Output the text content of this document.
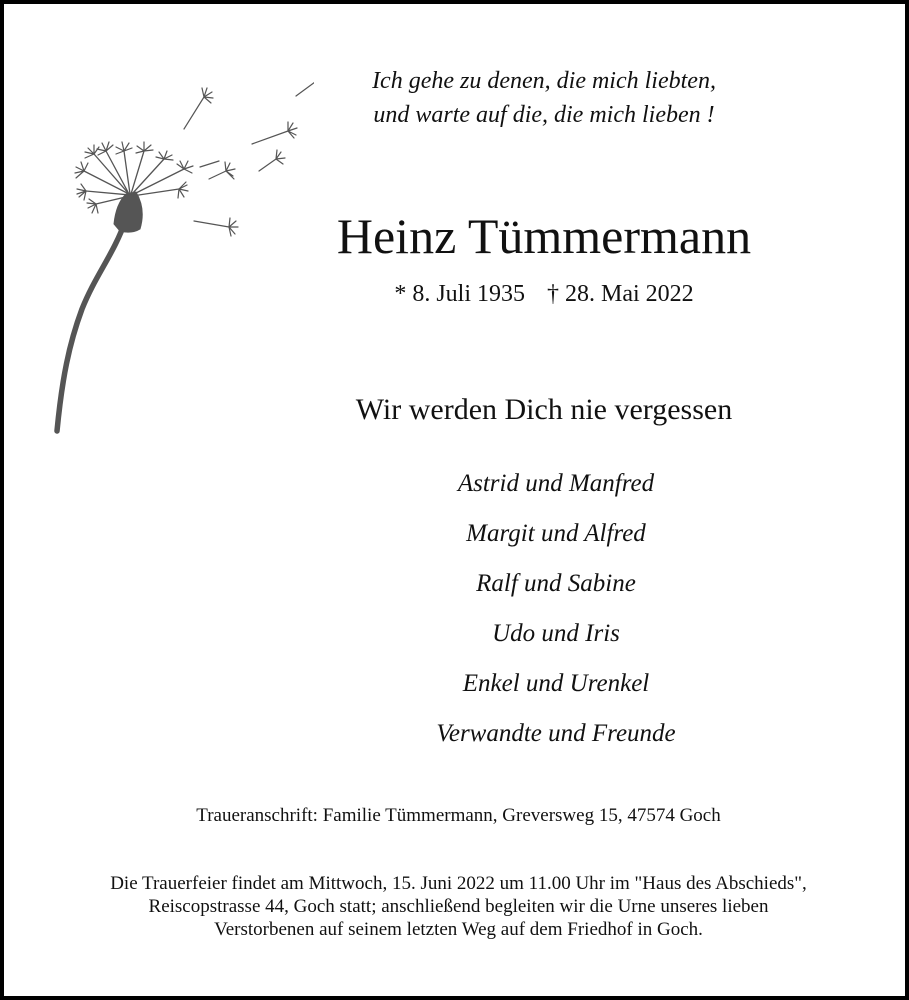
Ich gehe zu denen, die mich liebten,
und warte auf die, die mich lieben !
Heinz Tümmermann
* 8. Juli 1935 † 28. Mai 2022
Wir werden Dich nie vergessen
Astrid und Manfred
Margit und Alfred
Ralf und Sabine
Udo und Iris
Enkel und Urenkel
Verwandte und Freunde
Traueranschrift: Familie Tümmermann, Greversweg 15, 47574 Goch
Die Trauerfeier findet am Mittwoch, 15. Juni 2022 um 11.00 Uhr im "Haus des Abschieds",
Reiscopstrasse 44, Goch statt; anschließend begleiten wir die Urne unseres lieben
Verstorbenen auf seinem letzten Weg auf dem Friedhof in Goch.
